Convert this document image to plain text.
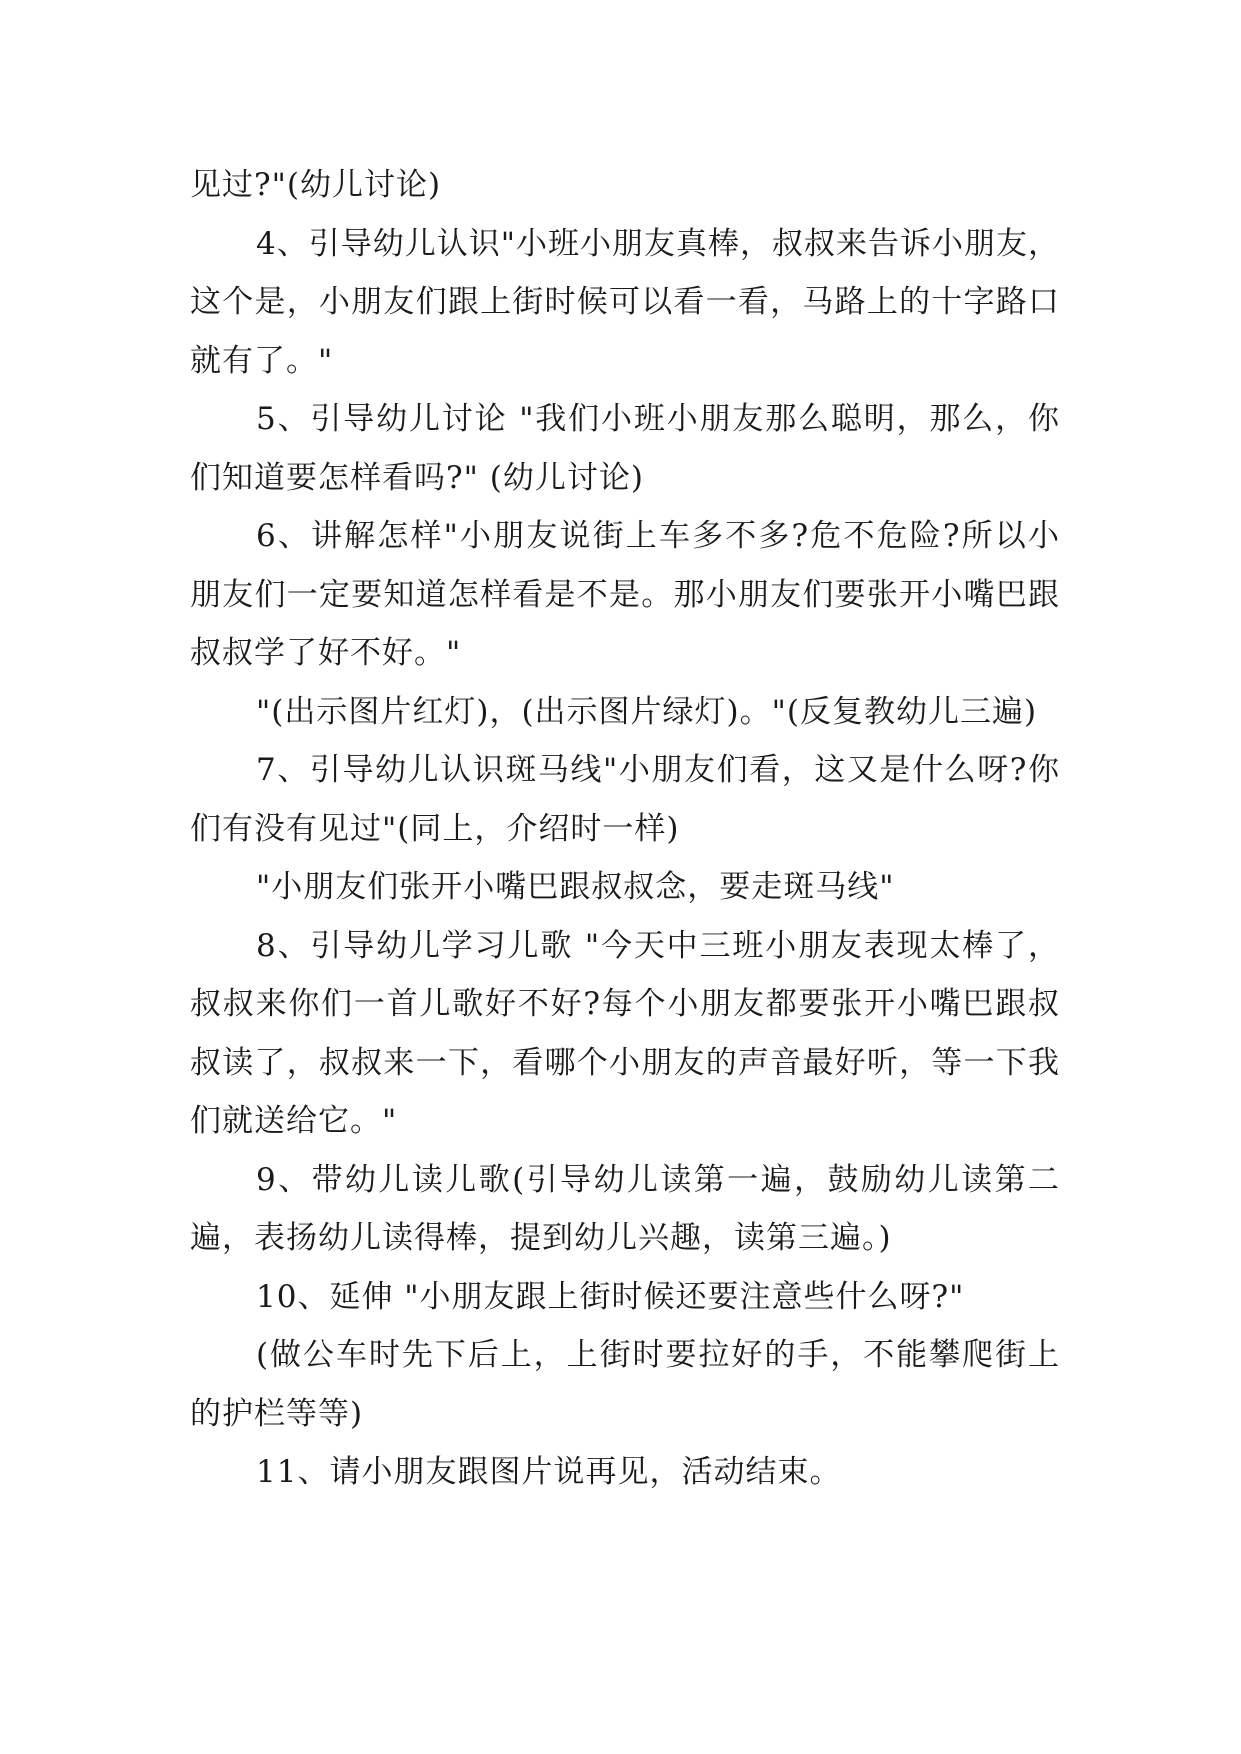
见过?"(幼儿讨论)

4、引导幼儿认识"小班小朋友真棒，叔叔来告诉小朋友，这个是，小朋友们跟上街时候可以看一看，马路上的十字路口就有了。"

5、引导幼儿讨论 "我们小班小朋友那么聪明，那么，你们知道要怎样看吗?" (幼儿讨论)

6、讲解怎样"小朋友说街上车多不多?危不危险?所以小朋友们一定要知道怎样看是不是。那小朋友们要张开小嘴巴跟叔叔学了好不好。"

"(出示图片红灯)，(出示图片绿灯)。"(反复教幼儿三遍)

7、引导幼儿认识斑马线"小朋友们看，这又是什么呀?你们有没有见过"(同上，介绍时一样)

"小朋友们张开小嘴巴跟叔叔念，要走斑马线"

8、引导幼儿学习儿歌 "今天中三班小朋友表现太棒了，叔叔来你们一首儿歌好不好?每个小朋友都要张开小嘴巴跟叔叔读了，叔叔来一下，看哪个小朋友的声音最好听，等一下我们就送给它。"

9、带幼儿读儿歌(引导幼儿读第一遍，鼓励幼儿读第二遍，表扬幼儿读得棒，提到幼儿兴趣，读第三遍。)

10、延伸 "小朋友跟上街时候还要注意些什么呀?"

(做公车时先下后上，上街时要拉好的手，不能攀爬街上的护栏等等)

11、请小朋友跟图片说再见，活动结束。
